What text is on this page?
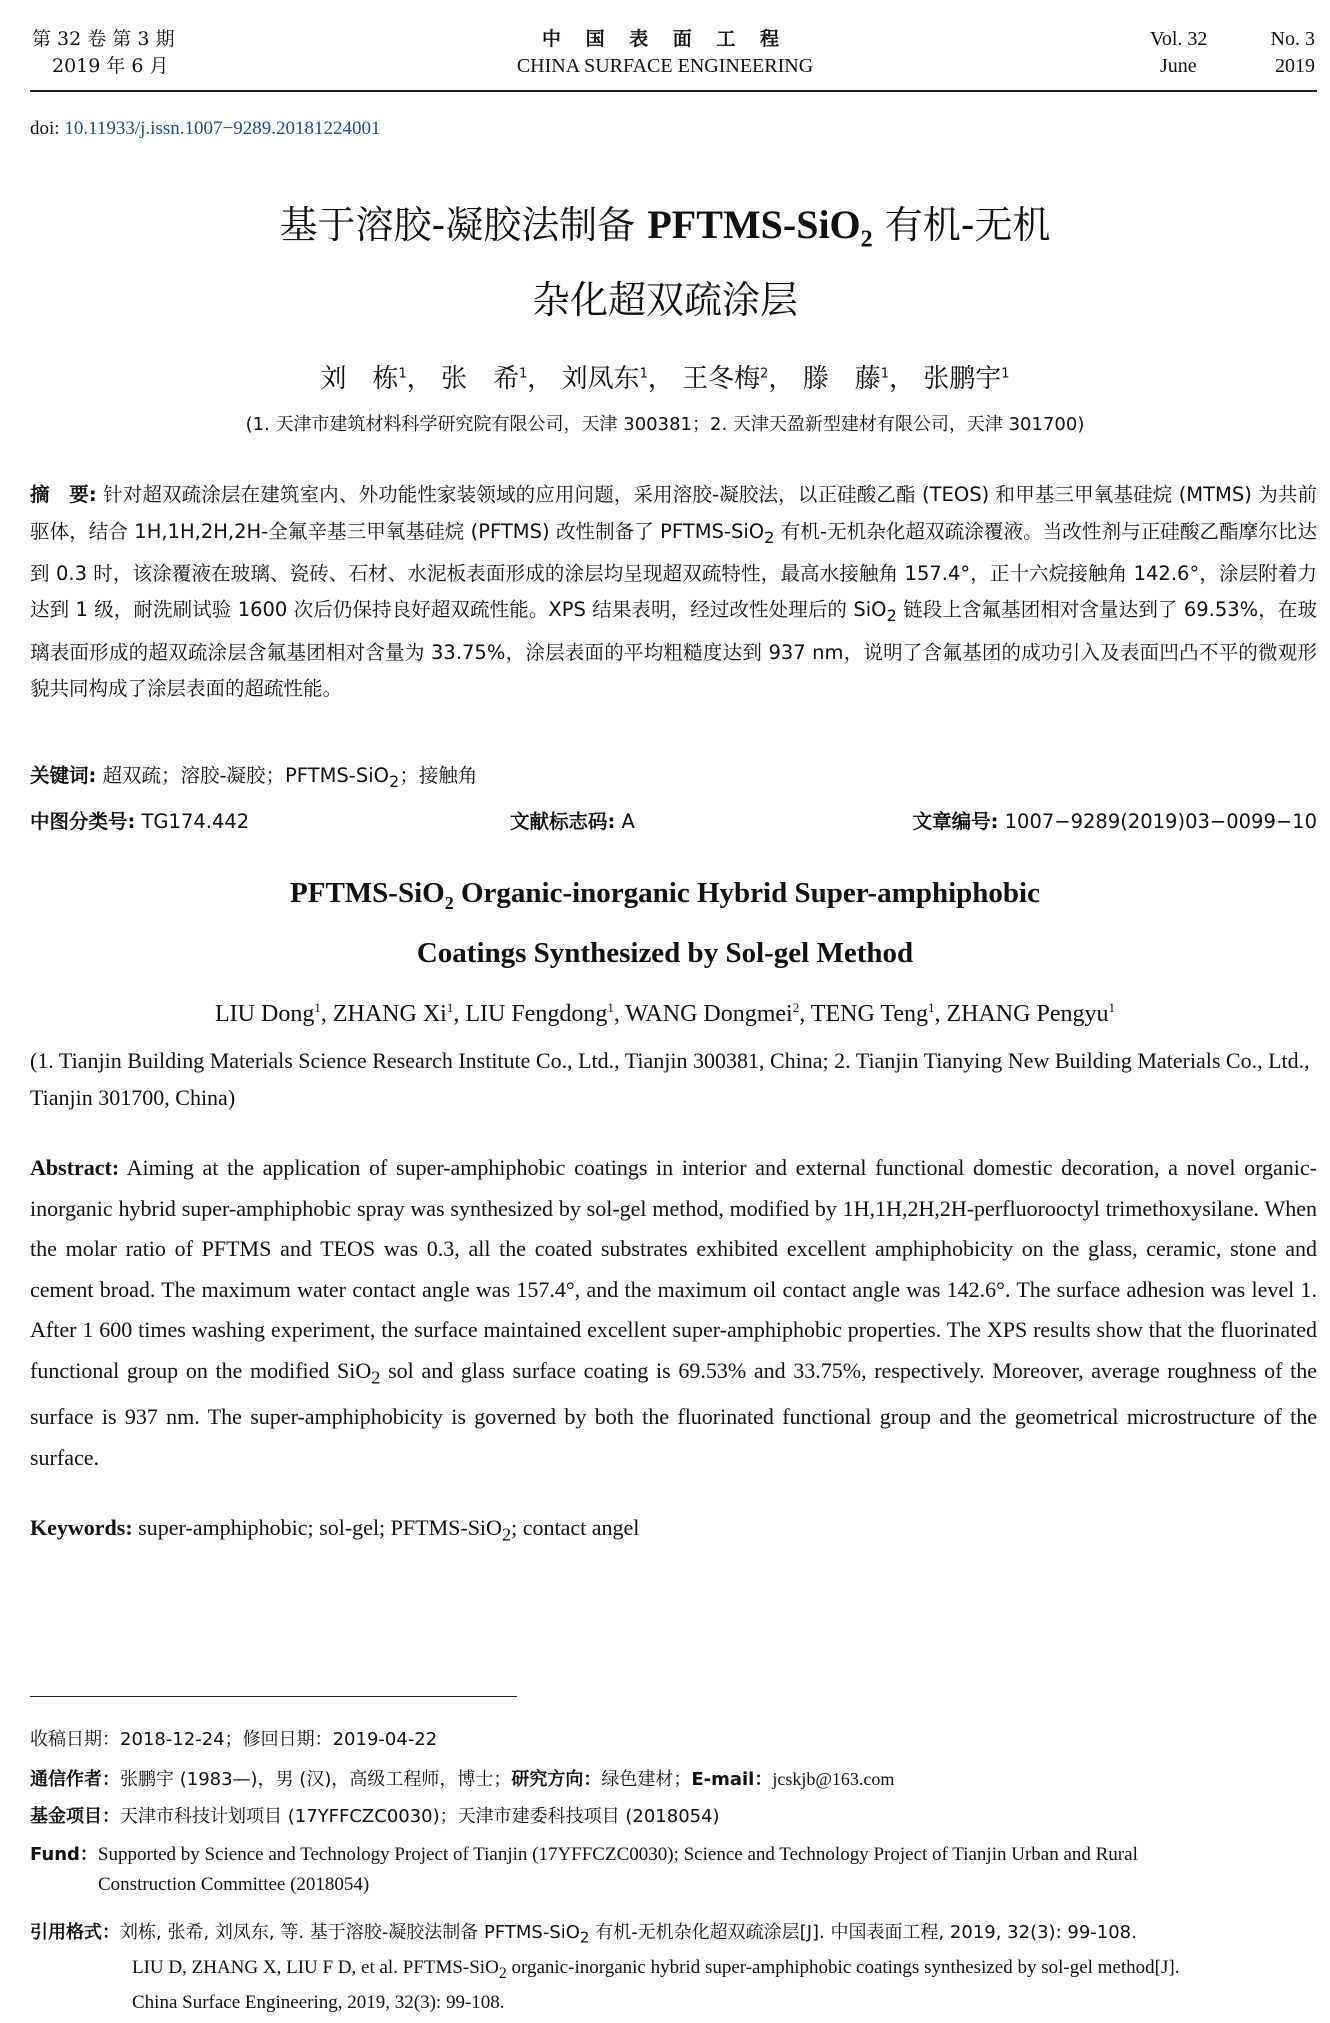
第 32 卷 第 3 期
2019 年 6 月
中 国 表 面 工 程
CHINA SURFACE ENGINEERING
Vol. 32	No. 3
June	2019
doi: 10.11933/j.issn.1007−9289.20181224001
基于溶胶-凝胶法制备 PFTMS-SiO$_2$ 有机-无机
杂化超双疏涂层
刘　栋$^1$， 张　希$^1$， 刘凤东$^1$， 王冬梅$^2$， 滕　藤$^1$， 张鹏宇$^1$
(1. 天津市建筑材料科学研究院有限公司，天津 300381；2. 天津天盈新型建材有限公司，天津 301700)
摘　要: 针对超双疏涂层在建筑室内、外功能性家装领域的应用问题，采用溶胶-凝胶法，以正硅酸乙酯 (TEOS) 和甲基三甲氧基硅烷 (MTMS) 为共前驱体，结合 1H,1H,2H,2H-全氟辛基三甲氧基硅烷 (PFTMS) 改性制备了 PFTMS-SiO$_2$ 有机-无机杂化超双疏涂覆液。当改性剂与正硅酸乙酯摩尔比达到 0.3 时，该涂覆液在玻璃、瓷砖、石材、水泥板表面形成的涂层均呈现超双疏特性，最高水接触角 157.4°，正十六烷接触角 142.6°，涂层附着力达到 1 级，耐洗刷试验 1600 次后仍保持良好超双疏性能。XPS 结果表明，经过改性处理后的 SiO$_2$ 链段上含氟基团相对含量达到了 69.53%，在玻璃表面形成的超双疏涂层含氟基团相对含量为 33.75%，涂层表面的平均粗糙度达到 937 nm，说明了含氟基团的成功引入及表面凹凸不平的微观形貌共同构成了涂层表面的超疏性能。
关键词: 超双疏；溶胶-凝胶；PFTMS-SiO$_2$；接触角
中图分类号: TG174.442	文献标志码: A	文章编号: 1007−9289(2019)03−0099−10
PFTMS-SiO$_2$ Organic-inorganic Hybrid Super-amphiphobic
Coatings Synthesized by Sol-gel Method
LIU Dong$^1$, ZHANG Xi$^1$, LIU Fengdong$^1$, WANG Dongmei$^2$, TENG Teng$^1$, ZHANG Pengyu$^1$
(1. Tianjin Building Materials Science Research Institute Co., Ltd., Tianjin 300381, China; 2. Tianjin Tianying New Building Materials Co., Ltd., Tianjin 301700, China)
Abstract: Aiming at the application of super-amphiphobic coatings in interior and external functional domestic decoration, a novel organic-inorganic hybrid super-amphiphobic spray was synthesized by sol-gel method, modified by 1H,1H,2H,2H-perfluorooctyl trimethoxysilane. When the molar ratio of PFTMS and TEOS was 0.3, all the coated substrates exhibited excellent amphiphobicity on the glass, ceramic, stone and cement broad. The maximum water contact angle was 157.4°, and the maximum oil contact angle was 142.6°. The surface adhesion was level 1. After 1 600 times washing experiment, the surface maintained excellent super-amphiphobic properties. The XPS results show that the fluorinated functional group on the modified SiO$_2$ sol and glass surface coating is 69.53% and 33.75%, respectively. Moreover, average roughness of the surface is 937 nm. The super-amphiphobicity is governed by both the fluorinated functional group and the geometrical microstructure of the surface.
Keywords: super-amphiphobic; sol-gel; PFTMS-SiO$_2$; contact angel
收稿日期：2018-12-24；修回日期：2019-04-22
通信作者：张鹏宇 (1983—)，男 (汉)，高级工程师，博士；研究方向：绿色建材；E-mail：jcskjb@163.com
基金项目：天津市科技计划项目 (17YFFCZC0030)；天津市建委科技项目 (2018054)
Fund：Supported by Science and Technology Project of Tianjin (17YFFCZC0030); Science and Technology Project of Tianjin Urban and Rural
Construction Committee (2018054)
引用格式：刘栋, 张希, 刘凤东, 等. 基于溶胶-凝胶法制备 PFTMS-SiO$_2$ 有机-无机杂化超双疏涂层[J]. 中国表面工程, 2019, 32(3): 99-108.
LIU D, ZHANG X, LIU F D, et al. PFTMS-SiO$_2$ organic-inorganic hybrid super-amphiphobic coatings synthesized by sol-gel method[J].
China Surface Engineering, 2019, 32(3): 99-108.
